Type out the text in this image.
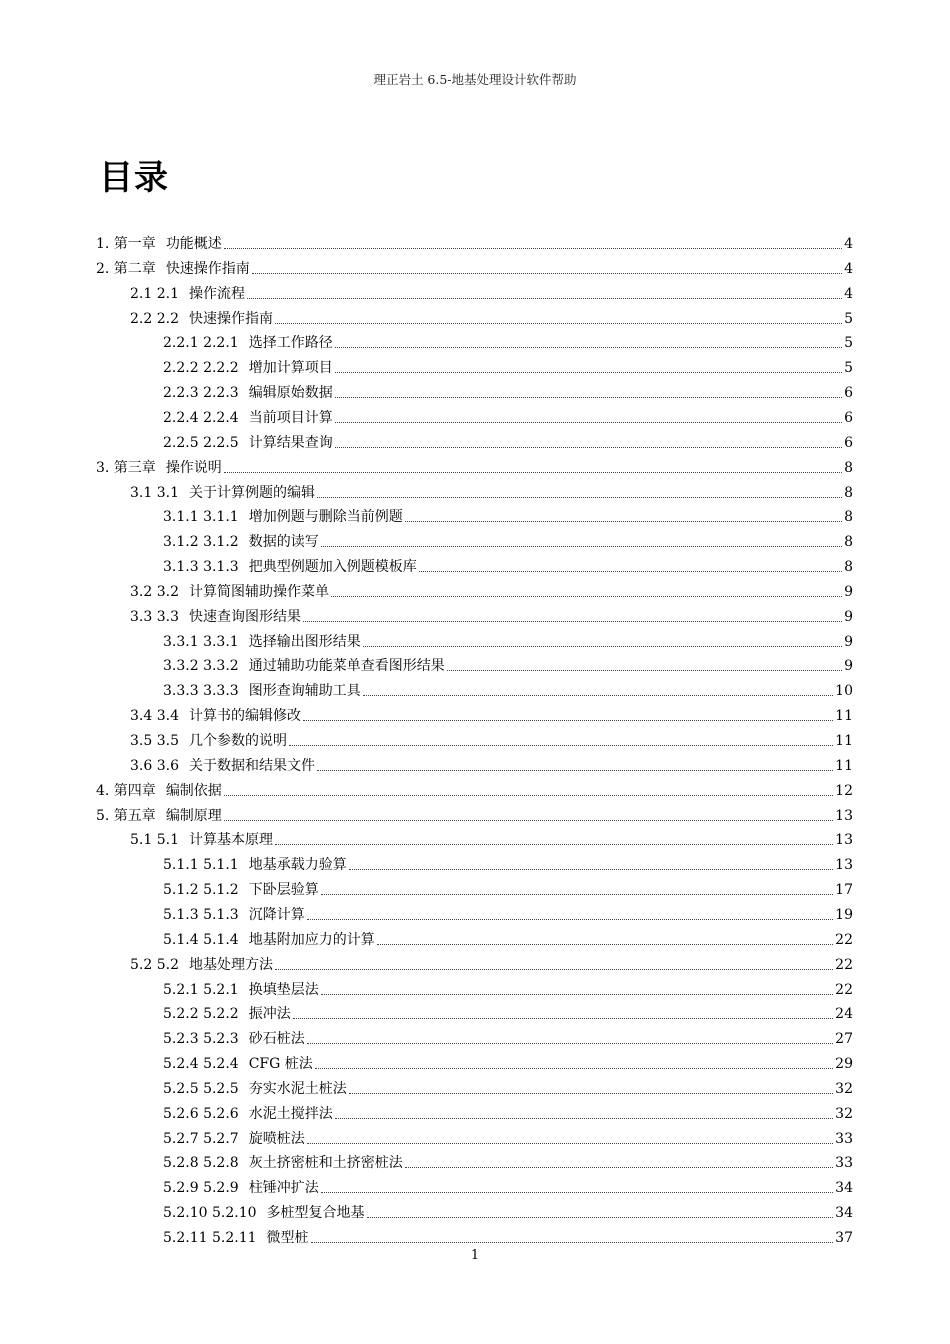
理正岩土 6.5-地基处理设计软件帮助
目录
1. 第一章 功能概述	4
2. 第二章 快速操作指南	4
2.1 2.1 操作流程	4
2.2 2.2 快速操作指南	5
2.2.1 2.2.1 选择工作路径	5
2.2.2 2.2.2 增加计算项目	5
2.2.3 2.2.3 编辑原始数据	6
2.2.4 2.2.4 当前项目计算	6
2.2.5 2.2.5 计算结果查询	6
3. 第三章 操作说明	8
3.1 3.1 关于计算例题的编辑	8
3.1.1 3.1.1 增加例题与删除当前例题	8
3.1.2 3.1.2 数据的读写	8
3.1.3 3.1.3 把典型例题加入例题模板库	8
3.2 3.2 计算简图辅助操作菜单	9
3.3 3.3 快速查询图形结果	9
3.3.1 3.3.1 选择输出图形结果	9
3.3.2 3.3.2 通过辅助功能菜单查看图形结果	9
3.3.3 3.3.3 图形查询辅助工具	10
3.4 3.4 计算书的编辑修改	11
3.5 3.5 几个参数的说明	11
3.6 3.6 关于数据和结果文件	11
4. 第四章 编制依据	12
5. 第五章 编制原理	13
5.1 5.1 计算基本原理	13
5.1.1 5.1.1 地基承载力验算	13
5.1.2 5.1.2 下卧层验算	17
5.1.3 5.1.3 沉降计算	19
5.1.4 5.1.4 地基附加应力的计算	22
5.2 5.2 地基处理方法	22
5.2.1 5.2.1 换填垫层法	22
5.2.2 5.2.2 振冲法	24
5.2.3 5.2.3 砂石桩法	27
5.2.4 5.2.4 CFG 桩法	29
5.2.5 5.2.5 夯实水泥土桩法	32
5.2.6 5.2.6 水泥土搅拌法	32
5.2.7 5.2.7 旋喷桩法	33
5.2.8 5.2.8 灰土挤密桩和土挤密桩法	33
5.2.9 5.2.9 柱锤冲扩法	34
5.2.10 5.2.10 多桩型复合地基	34
5.2.11 5.2.11 微型桩	37
1
